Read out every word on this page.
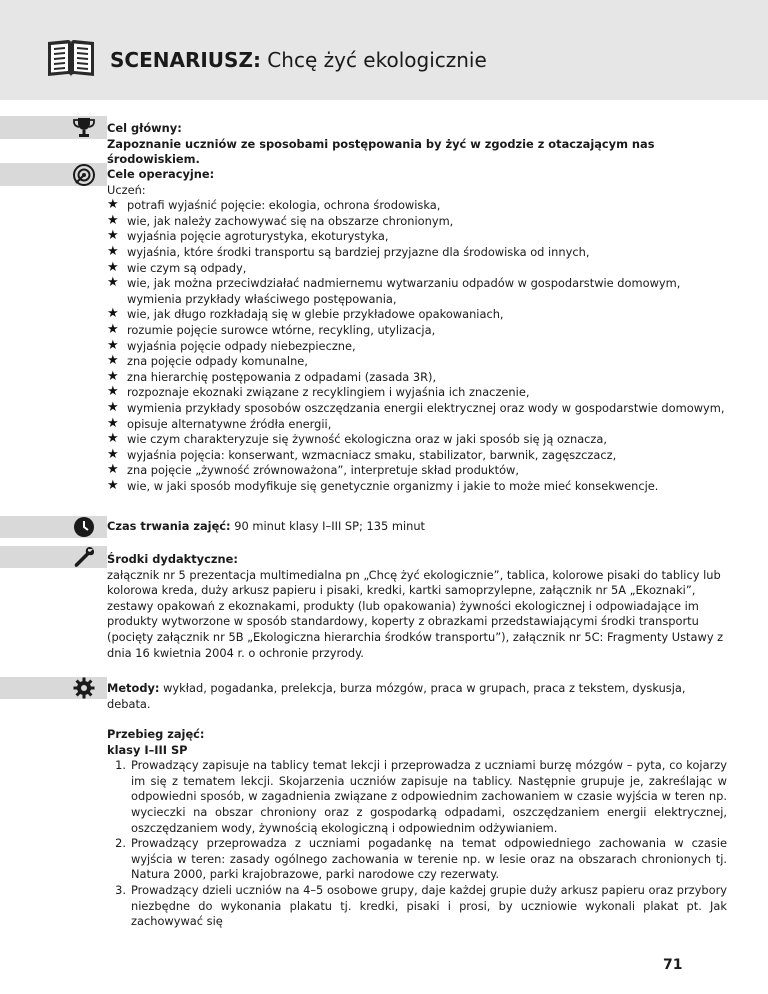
SCENARIUSZ: Chcę żyć ekologicznie
Cel główny:
Zapoznanie uczniów ze sposobami postępowania by żyć w zgodzie z otaczającym nas środowiskiem.
Cele operacyjne:
Uczeń:
★ potrafi wyjaśnić pojęcie: ekologia, ochrona środowiska,
★ wie, jak należy zachowywać się na obszarze chronionym,
★ wyjaśnia pojęcie agroturystyka, ekoturystyka,
★ wyjaśnia, które środki transportu są bardziej przyjazne dla środowiska od innych,
★ wie czym są odpady,
★ wie, jak można przeciwdziałać nadmiernemu wytwarzaniu odpadów w gospodarstwie domowym, wymienia przykłady właściwego postępowania,
★ wie, jak długo rozkładają się w glebie przykładowe opakowaniach,
★ rozumie pojęcie surowce wtórne, recykling, utylizacja,
★ wyjaśnia pojęcie odpady niebezpieczne,
★ zna pojęcie odpady komunalne,
★ zna hierarchię postępowania z odpadami (zasada 3R),
★ rozpoznaje ekoznaki związane z recyklingiem i wyjaśnia ich znaczenie,
★ wymienia przykłady sposobów oszczędzania energii elektrycznej oraz wody w gospodarstwie domowym,
★ opisuje alternatywne źródła energii,
★ wie czym charakteryzuje się żywność ekologiczna oraz w jaki sposób się ją oznacza,
★ wyjaśnia pojęcia: konserwant, wzmacniacz smaku, stabilizator, barwnik, zagęszczacz,
★ zna pojęcie „żywność zrównoważona”, interpretuje skład produktów,
★ wie, w jaki sposób modyfikuje się genetycznie organizmy i jakie to może mieć konsekwencje.
Czas trwania zajęć: 90 minut klasy I–III SP; 135 minut
Środki dydaktyczne:
załącznik nr 5 prezentacja multimedialna pn „Chcę żyć ekologicznie”, tablica, kolorowe pisaki do tablicy lub kolorowa kreda, duży arkusz papieru i pisaki, kredki, kartki samoprzylepne, załącznik nr 5A „Ekoznaki”, zestawy opakowań z ekoznakami, produkty (lub opakowania) żywności ekologicznej i odpowiadające im produkty wytworzone w sposób standardowy, koperty z obrazkami przedstawiającymi środki transportu (pocięty załącznik nr 5B „Ekologiczna hierarchia środków transportu”), załącznik nr 5C: Fragmenty Ustawy z dnia 16 kwietnia 2004 r. o ochronie przyrody.
Metody: wykład, pogadanka, prelekcja, burza mózgów, praca w grupach, praca z tekstem, dyskusja, debata.
Przebieg zajęć:
klasy I–III SP
1. Prowadzący zapisuje na tablicy temat lekcji i przeprowadza z uczniami burzę mózgów – pyta, co kojarzy im się z tematem lekcji. Skojarzenia uczniów zapisuje na tablicy. Następnie grupuje je, zakreślając w odpowiedni sposób, w zagadnienia związane z odpowiednim zachowaniem w czasie wyjścia w teren np. wycieczki na obszar chroniony oraz z gospodarką odpadami, oszczędzaniem energii elektrycznej, oszczędzaniem wody, żywnością ekologiczną i odpowiednim odżywianiem.
2. Prowadzący przeprowadza z uczniami pogadankę na temat odpowiedniego zachowania w czasie wyjścia w teren: zasady ogólnego zachowania w terenie np. w lesie oraz na obszarach chronionych tj. Natura 2000, parki krajobrazowe, parki narodowe czy rezerwaty.
3. Prowadzący dzieli uczniów na 4–5 osobowe grupy, daje każdej grupie duży arkusz papieru oraz przybory niezbędne do wykonania plakatu tj. kredki, pisaki i prosi, by uczniowie wykonali plakat pt. Jak zachowywać się
71
